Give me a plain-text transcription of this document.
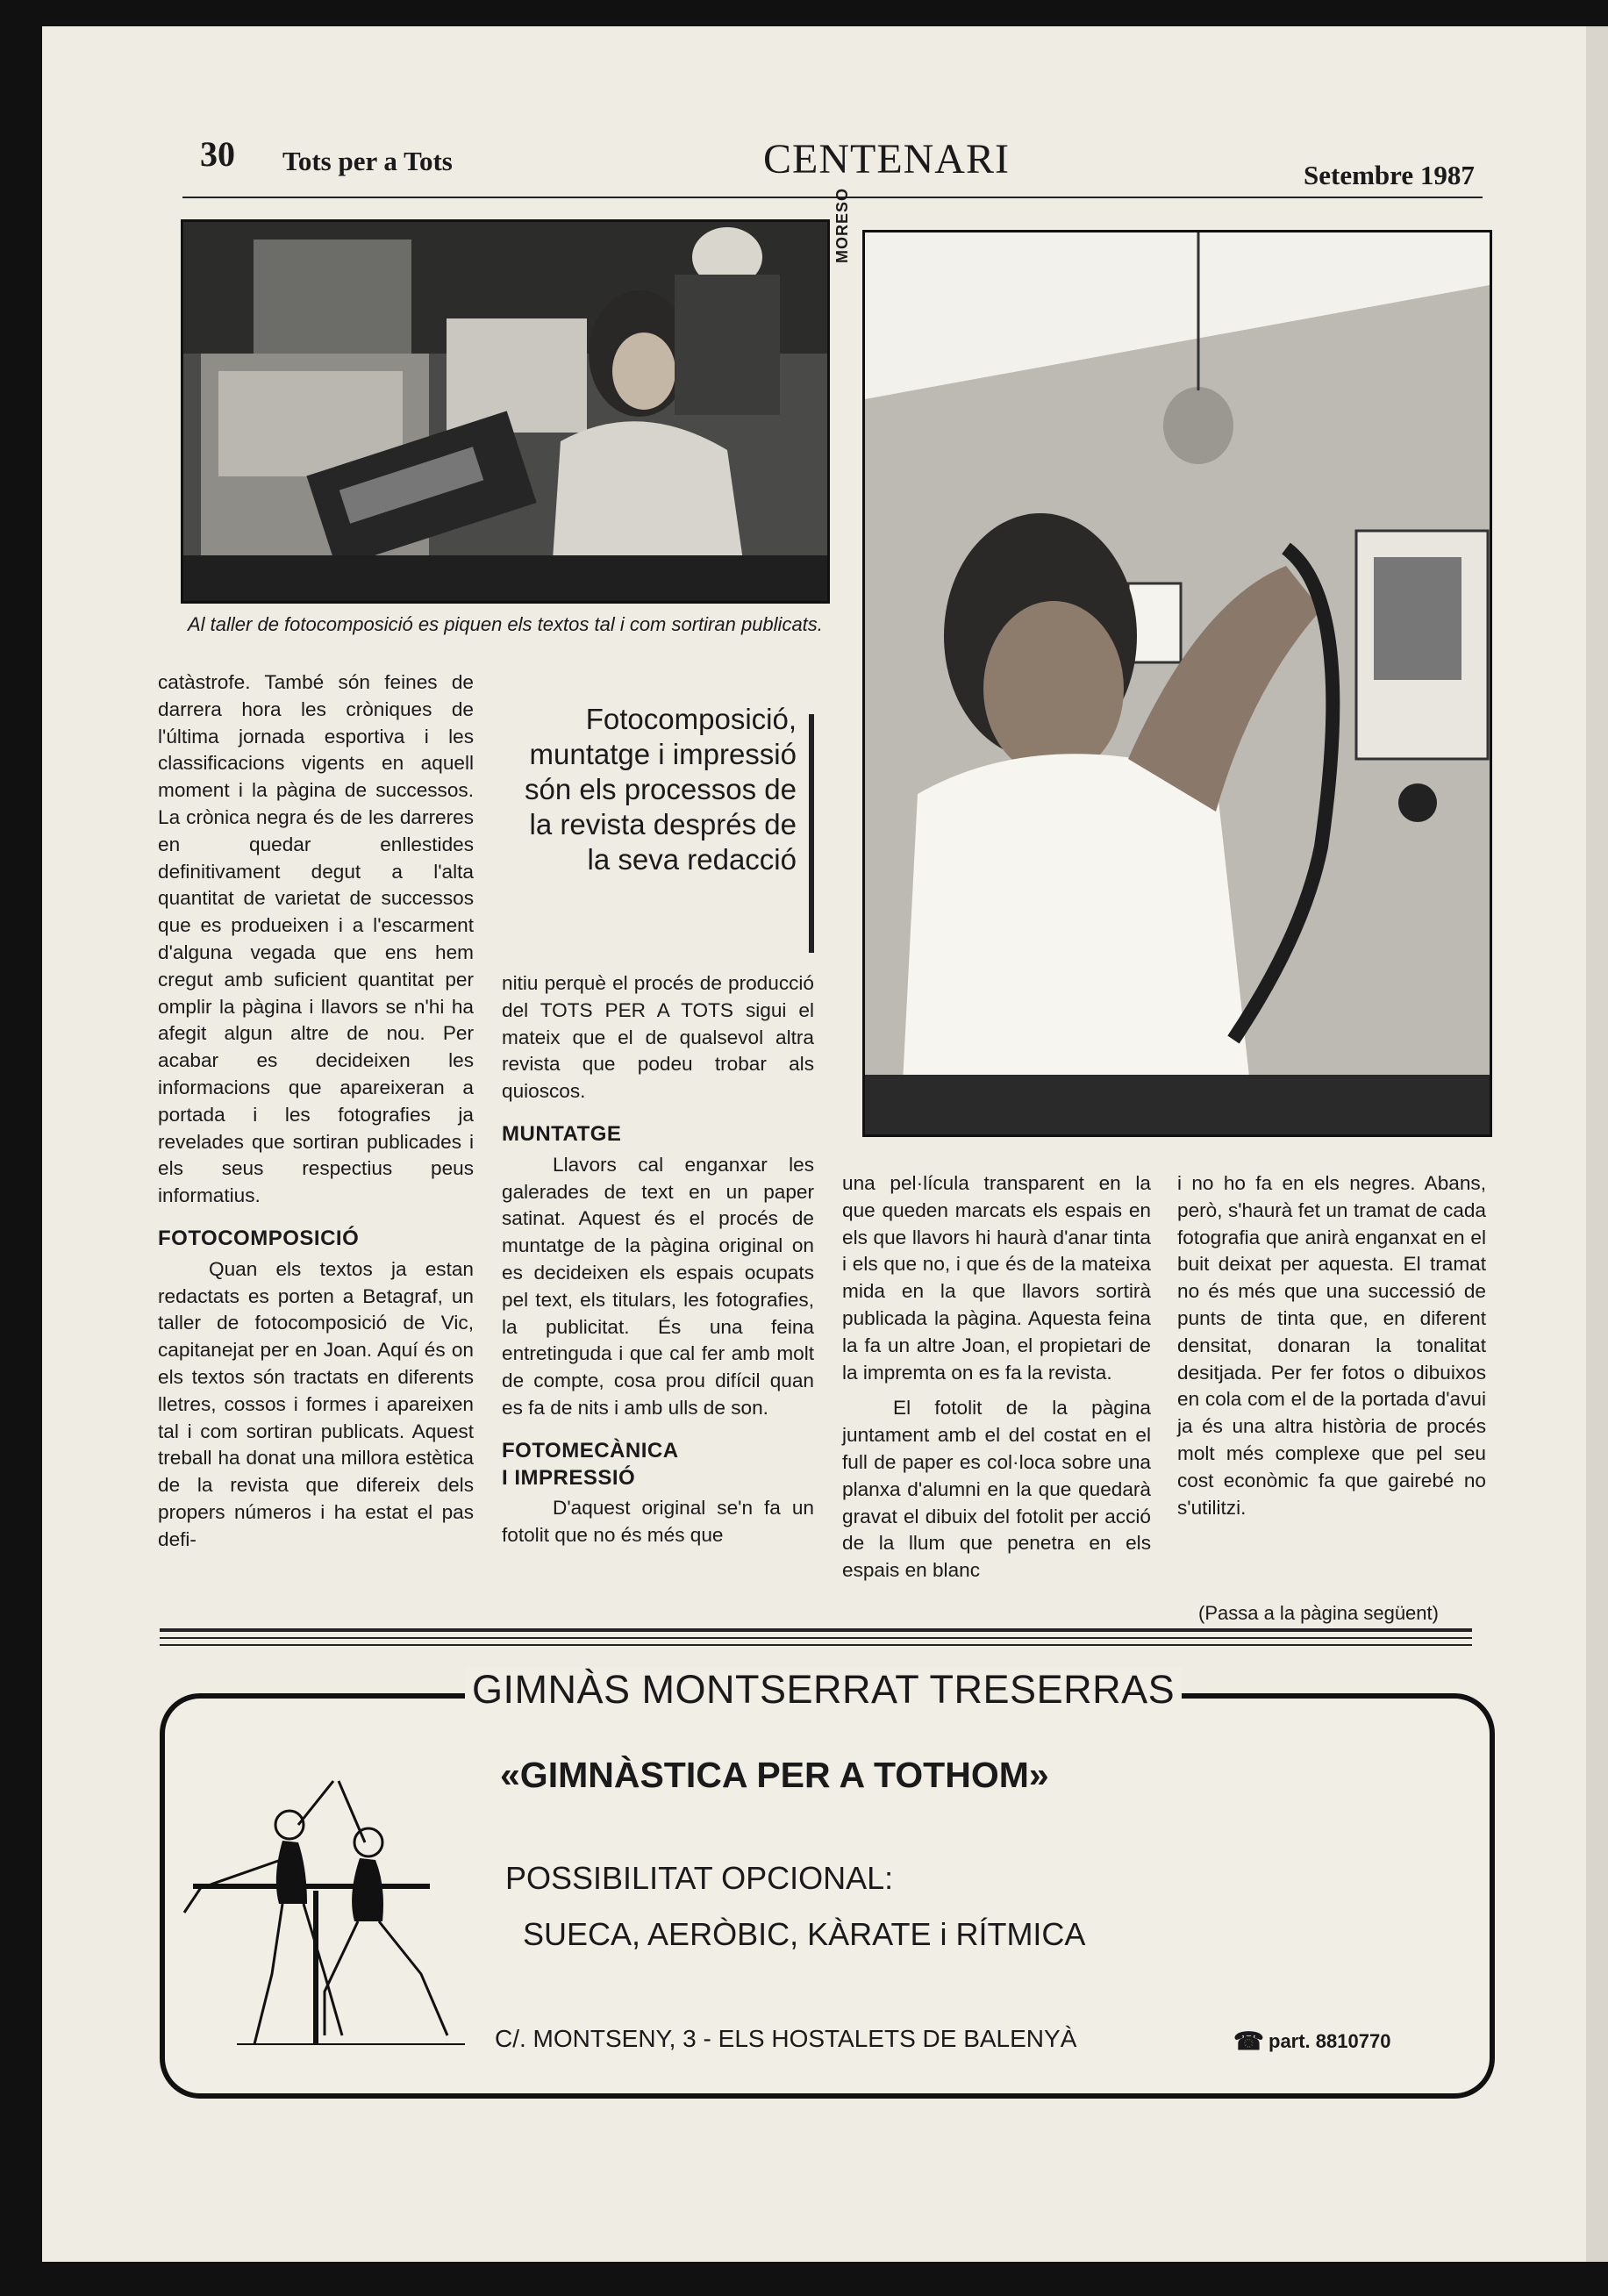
30 Tots per a Tots	CENTENARI	Setembre 1987
Al taller de fotocomposició es piquen els textos tal i com sortiran publicats.
MORESO

catàstrofe. També són feines de darrera hora les cròniques de l'última jornada esportiva i les classificacions vigents en aquell moment i la pàgina de successos. La crònica negra és de les darreres en quedar enllestides definitivament degut a l'alta quantitat de varietat de successos que es produeixen i a l'escarment d'alguna vegada que ens hem cregut amb suficient quantitat per omplir la pàgina i llavors se n'hi ha afegit algun altre de nou. Per acabar es decideixen les informacions que apareixeran a portada i les fotografies ja revelades que sortiran publicades i els seus respectius peus informatius.

FOTOCOMPOSICIÓ

Quan els textos ja estan redactats es porten a Betagraf, un taller de fotocomposició de Vic, capitanejat per en Joan. Aquí és on els textos són tractats en diferents lletres, cossos i formes i apareixen tal i com sortiran publicats. Aquest treball ha donat una millora estètica de la revista que difereix dels propers números i ha estat el pas defi-

Fotocomposició, muntatge i impressió són els processos de la revista després de la seva redacció

nitiu perquè el procés de producció del TOTS PER A TOTS sigui el mateix que el de qualsevol altra revista que podeu trobar als quioscos.

MUNTATGE

Llavors cal enganxar les galerades de text en un paper satinat. Aquest és el procés de muntatge de la pàgina original on es decideixen els espais ocupats pel text, els titulars, les fotografies, la publicitat. És una feina entretinguda i que cal fer amb molt de compte, cosa prou difícil quan es fa de nits i amb ulls de son.

FOTOMECÀNICA
I IMPRESSIÓ

D'aquest original se'n fa un fotolit que no és més que

una pel·lícula transparent en la que queden marcats els espais en els que llavors hi haurà d'anar tinta i els que no, i que és de la mateixa mida en la que llavors sortirà publicada la pàgina. Aquesta feina la fa un altre Joan, el propietari de la impremta on es fa la revista.

El fotolit de la pàgina juntament amb el del costat en el full de paper es col·loca sobre una planxa d'alumni en la que quedarà gravat el dibuix del fotolit per acció de la llum que penetra en els espais en blanc

i no ho fa en els negres. Abans, però, s'haurà fet un tramat de cada fotografia que anirà enganxat en el buit deixat per aquesta. El tramat no és més que una successió de punts de tinta que, en diferent densitat, donaran la tonalitat desitjada. Per fer fotos o dibuixos en cola com el de la portada d'avui ja és una altra història de procés molt més complexe que pel seu cost econòmic fa que gairebé no s'utilitzi.

(Passa a la pàgina següent)
GIMNÀS MONTSERRAT TRESERRAS
«GIMNÀSTICA PER A TOTHOM»
POSSIBILITAT OPCIONAL:
SUECA, AERÒBIC, KÀRATE i RÍTMICA
C/. MONTSENY, 3 - ELS HOSTALETS DE BALENYÀ	☎ part. 8810770
